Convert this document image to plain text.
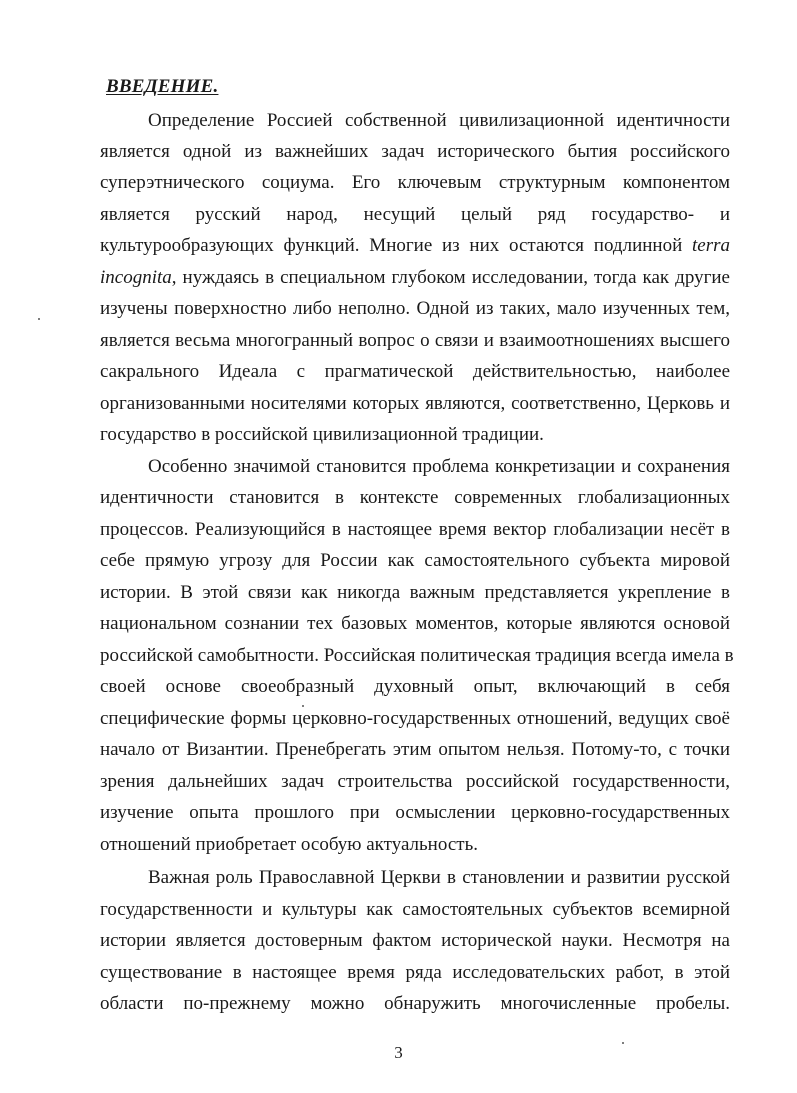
ВВЕДЕНИЕ.
Определение Россией собственной цивилизационной идентичности
является одной из важнейших задач исторического бытия российского
суперэтнического социума. Его ключевым структурным компонентом
является русский народ, несущий целый ряд государство- и
культурообразующих функций. Многие из них остаются подлинной terra
incognita, нуждаясь в специальном глубоком исследовании, тогда как другие
изучены поверхностно либо неполно. Одной из таких, мало изученных тем,
является весьма многогранный вопрос о связи и взаимоотношениях высшего
сакрального Идеала с прагматической действительностью, наиболее
организованными носителями которых являются, соответственно, Церковь и
государство в российской цивилизационной традиции.
Особенно значимой становится проблема конкретизации и сохранения
идентичности становится в контексте современных глобализационных
процессов. Реализующийся в настоящее время вектор глобализации несёт в
себе прямую угрозу для России как самостоятельного субъекта мировой
истории. В этой связи как никогда важным представляется укрепление в
национальном сознании тех базовых моментов, которые являются основой
российской самобытности. Российская политическая традиция всегда имела в
своей основе своеобразный духовный опыт, включающий в себя
специфические формы церковно-государственных отношений, ведущих своё
начало от Византии. Пренебрегать этим опытом нельзя. Потому-то, с точки
зрения дальнейших задач строительства российской государственности,
изучение опыта прошлого при осмыслении церковно-государственных
отношений приобретает особую актуальность.
Важная роль Православной Церкви в становлении и развитии русской
государственности и культуры как самостоятельных субъектов всемирной
истории является достоверным фактом исторической науки. Несмотря на
существование в настоящее время ряда исследовательских работ, в этой
области по-прежнему можно обнаружить многочисленные пробелы.
3
